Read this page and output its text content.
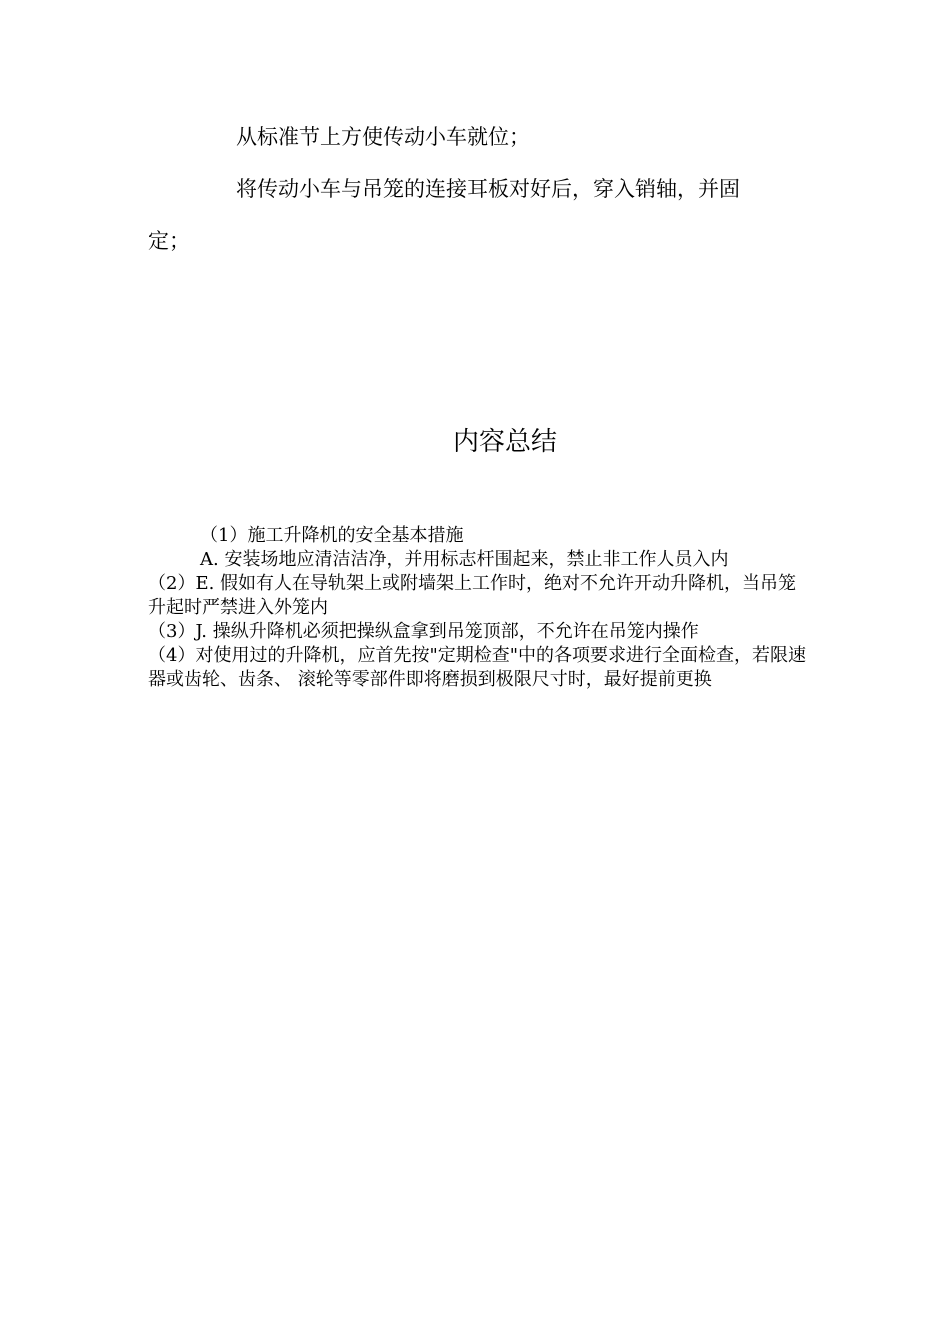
从标准节上方使传动小车就位；
将传动小车与吊笼的连接耳板对好后，穿入销轴，并固
定；
内容总结

（1）施工升降机的安全基本措施

A. 安装场地应清洁洁净，并用标志杆围起来，禁止非工作人员入内

（2）E. 假如有人在导轨架上或附墙架上工作时，绝对不允许开动升降机，当吊笼升起时严禁进入外笼内

（3）J. 操纵升降机必须把操纵盒拿到吊笼顶部，不允许在吊笼内操作

（4）对使用过的升降机，应首先按"定期检查"中的各项要求进行全面检查，若限速器或齿轮、齿条、 滚轮等零部件即将磨损到极限尺寸时，最好提前更换
